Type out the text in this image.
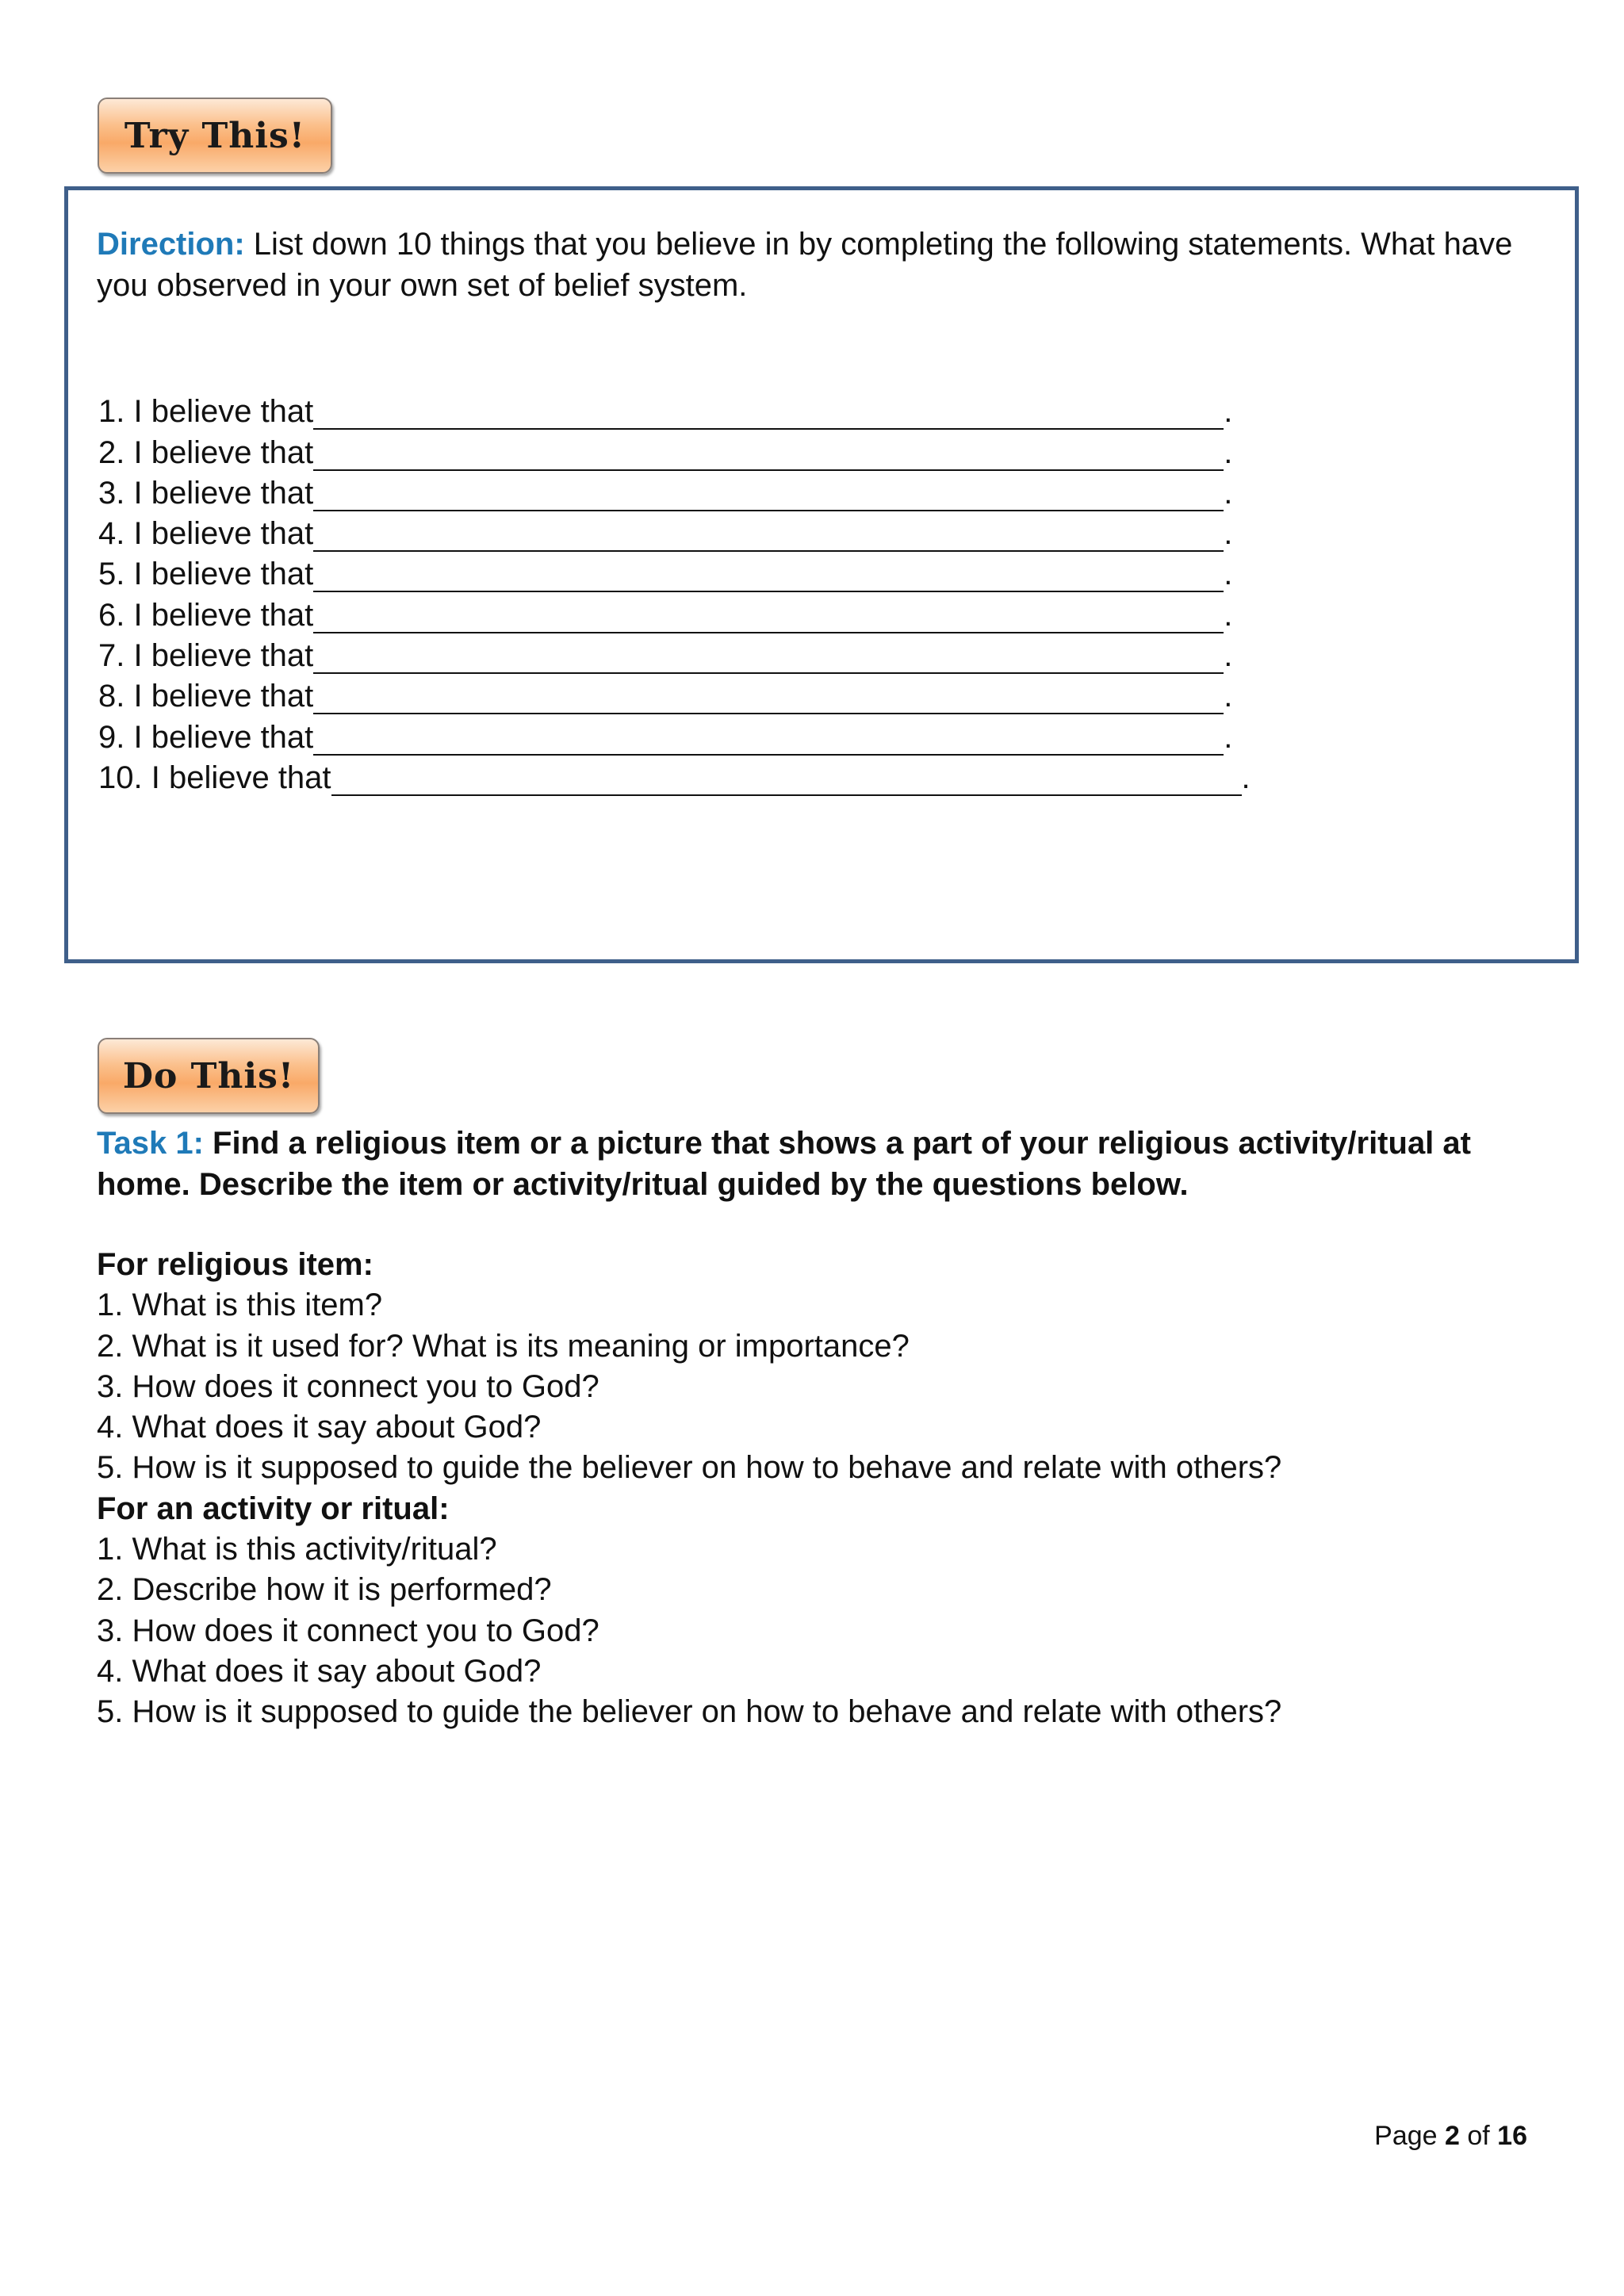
Try This!
Direction: List down 10 things that you believe in by completing the following statements. What have you observed in your own set of belief system.
1. I believe that	.
2. I believe that	.
3. I believe that	.
4. I believe that	.
5. I believe that	.
6. I believe that	.
7. I believe that	.
8. I believe that	.
9. I believe that	.
10. I believe that	.
Do This!
Task 1: Find a religious item or a picture that shows a part of your religious activity/ritual at home. Describe the item or activity/ritual guided by the questions below.
For religious item:
1. What is this item?
2. What is it used for? What is its meaning or importance?
3. How does it connect you to God?
4. What does it say about God?
5. How is it supposed to guide the believer on how to behave and relate with others?
For an activity or ritual:
1. What is this activity/ritual?
2. Describe how it is performed?
3. How does it connect you to God?
4. What does it say about God?
5. How is it supposed to guide the believer on how to behave and relate with others?
Page 2 of 16
